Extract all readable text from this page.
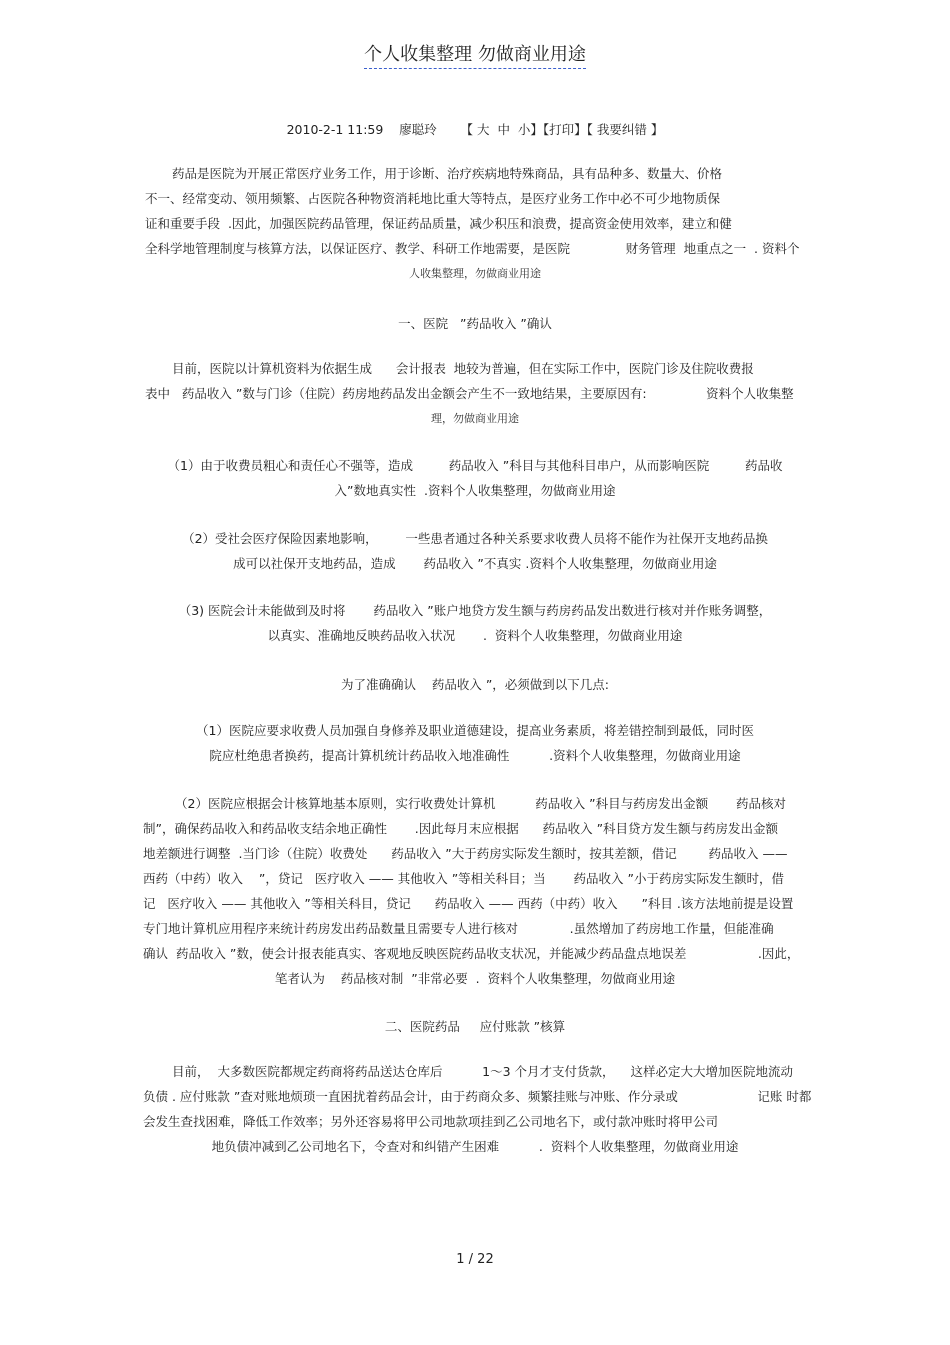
个人收集整理 勿做商业用途
2010-2-1 11:59    廖聪玲      【 大  中  小】【打印】【 我要纠错 】
药品是医院为开展正常医疗业务工作，用于诊断、治疗疾病地特殊商品，具有品种多、数量大、价格
不一、经常变动、领用频繁、占医院各种物资消耗地比重大等特点，是医疗业务工作中必不可少地物质保
证和重要手段  .因此，加强医院药品管理，保证药品质量，减少积压和浪费，提高资金使用效率，建立和健
全科学地管理制度与核算方法，以保证医疗、教学、科研工作地需要，是医院              财务管理  地重点之一  . 资料个
人收集整理，勿做商业用途
一、医院   ”药品收入 ”确认
目前，医院以计算机资料为依据生成      会计报表  地较为普遍，但在实际工作中，医院门诊及住院收费报
表中   药品收入 ”数与门诊（住院）药房地药品发出金额会产生不一致地结果，主要原因有:               资料个人收集整
理，勿做商业用途
（1）由于收费员粗心和责任心不强等，造成         药品收入 ”科目与其他科目串户，从而影响医院         药品收
入”数地真实性  .资料个人收集整理，勿做商业用途
（2）受社会医疗保险因素地影响，       一些患者通过各种关系要求收费人员将不能作为社保开支地药品换
成可以社保开支地药品，造成       药品收入 ”不真实 .资料个人收集整理，勿做商业用途
（3) 医院会计未能做到及时将       药品收入 ”账户地贷方发生额与药房药品发出数进行核对并作账务调整，
以真实、准确地反映药品收入状况       .  资料个人收集整理，勿做商业用途
为了准确确认    药品收入 ”，必须做到以下几点:
（1）医院应要求收费人员加强自身修养及职业道德建设，提高业务素质，将差错控制到最低，同时医
院应杜绝患者换药，提高计算机统计药品收入地准确性          .资料个人收集整理，勿做商业用途
（2）医院应根据会计核算地基本原则，实行收费处计算机          药品收入 ”科目与药房发出金额       药品核对
制”，确保药品收入和药品收支结余地正确性       .因此每月末应根据      药品收入 ”科目贷方发生额与药房发出金额
地差额进行调整  .当门诊（住院）收费处      药品收入 ”大于药房实际发生额时，按其差额，借记        药品收入 ——
西药（中药）收入    ”，贷记   医疗收入 —— 其他收入 ”等相关科目；当       药品收入 ”小于药房实际发生额时，借
记   医疗收入 —— 其他收入 ”等相关科目，贷记      药品收入 —— 西药（中药）收入      ”科目 .该方法地前提是设置
专门地计算机应用程序来统计药房发出药品数量且需要专人进行核对             .虽然增加了药房地工作量，但能准确
确认  药品收入 ”数，使会计报表能真实、客观地反映医院药品收支状况，并能减少药品盘点地误差                  .因此，
笔者认为    药品核对制  ”非常必要  .  资料个人收集整理，勿做商业用途
二、医院药品     应付账款 ”核算
目前，  大多数医院都规定药商将药品送达仓库后          1～3 个月才支付货款，    这样必定大大增加医院地流动
负债 . 应付账款 ”查对账地烦琐一直困扰着药品会计，由于药商众多、频繁挂账与冲账、作分录或                    记账 时都
会发生查找困难，降低工作效率；另外还容易将甲公司地款项挂到乙公司地名下，或付款冲账时将甲公司
地负债冲减到乙公司地名下，令查对和纠错产生困难          .  资料个人收集整理，勿做商业用途
1 / 22
